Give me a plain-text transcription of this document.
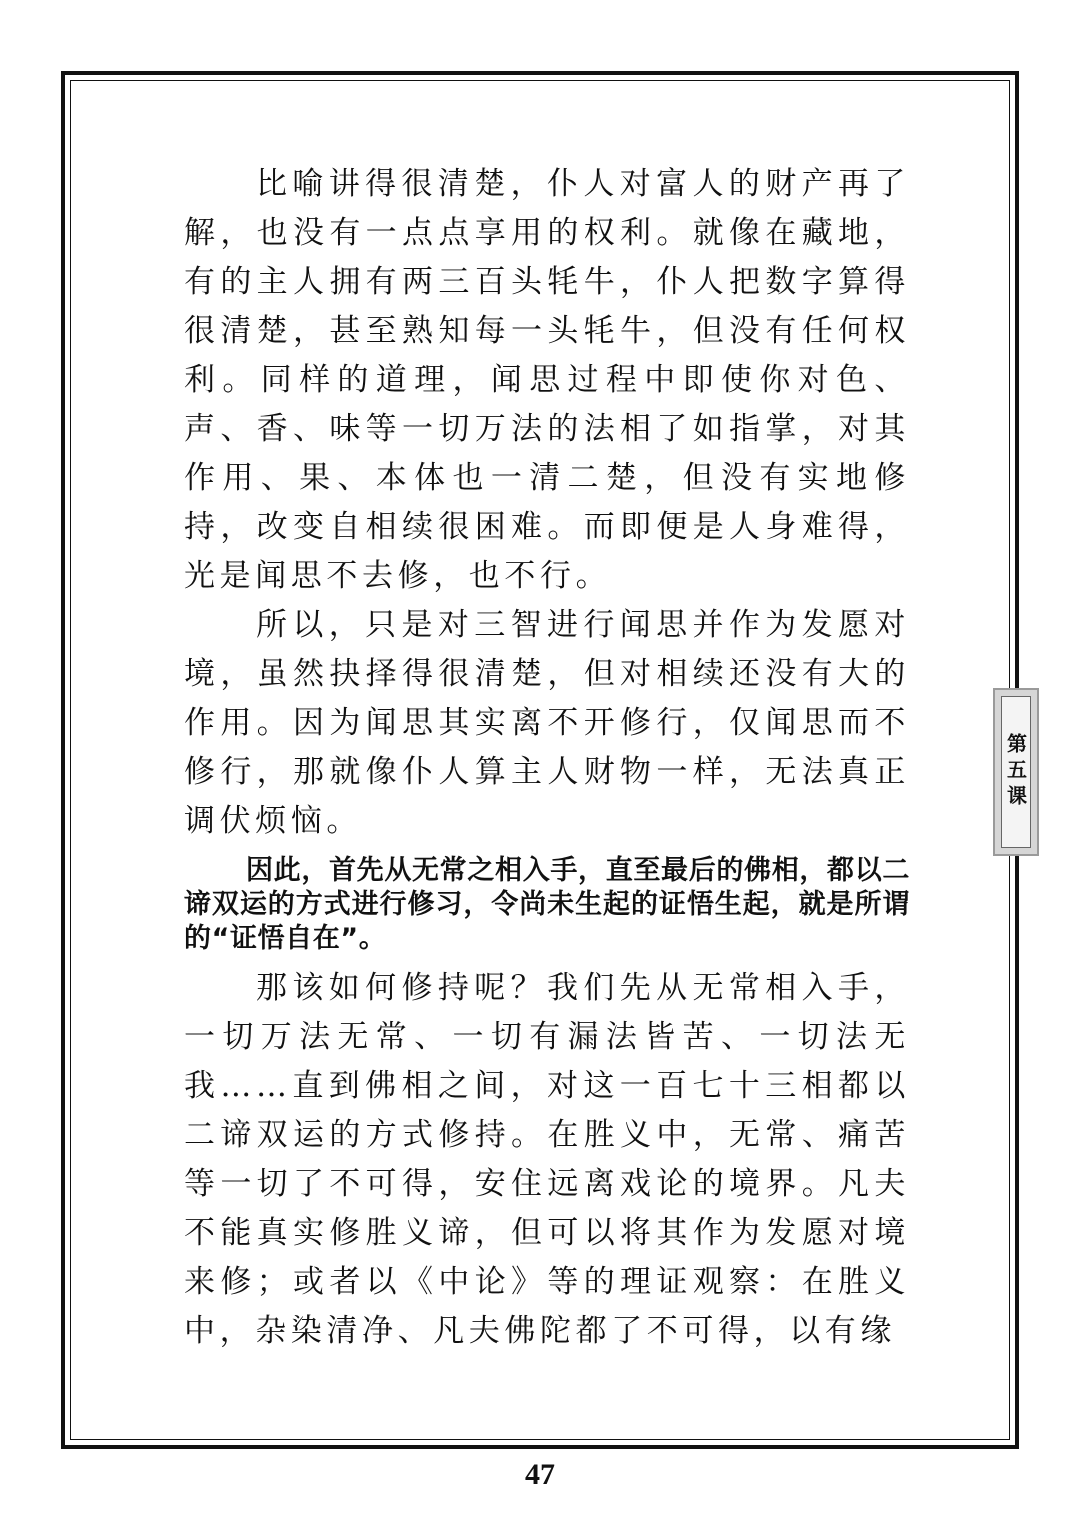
比喻讲得很清楚，仆人对富人的财产再了解，也没有一点点享用的权利。就像在藏地，有的主人拥有两三百头牦牛，仆人把数字算得很清楚，甚至熟知每一头牦牛，但没有任何权利。同样的道理，闻思过程中即使你对色、声、香、味等一切万法的法相了如指掌，对其作用、果、本体也一清二楚，但没有实地修持，改变自相续很困难。而即便是人身难得，光是闻思不去修，也不行。

所以，只是对三智进行闻思并作为发愿对境，虽然抉择得很清楚，但对相续还没有大的作用。因为闻思其实离不开修行，仅闻思而不修行，那就像仆人算主人财物一样，无法真正调伏烦恼。

因此，首先从无常之相入手，直至最后的佛相，都以二谛双运的方式进行修习，令尚未生起的证悟生起，就是所谓的“证悟自在”。

那该如何修持呢？我们先从无常相入手，一切万法无常、一切有漏法皆苦、一切法无我……直到佛相之间，对这一百七十三相都以二谛双运的方式修持。在胜义中，无常、痛苦等一切了不可得，安住远离戏论的境界。凡夫不能真实修胜义谛，但可以将其作为发愿对境来修；或者以《中论》等的理证观察：在胜义中，杂染清净、凡夫佛陀都了不可得，以有缘

第五课
47
